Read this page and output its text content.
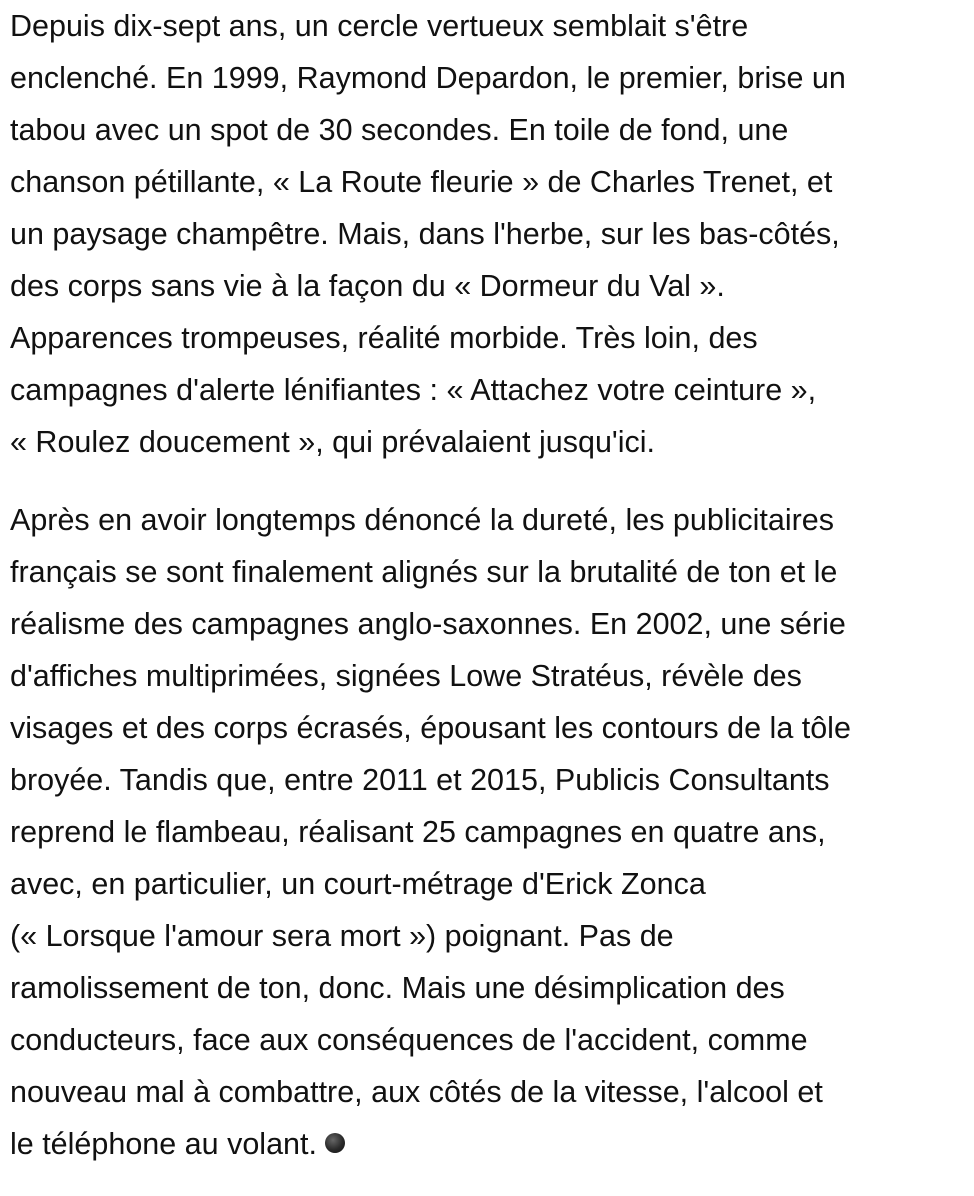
Depuis dix-sept ans, un cercle vertueux semblait s'être
enclenché. En 1999, Raymond Depardon, le premier, brise un
tabou avec un spot de 30 secondes. En toile de fond, une
chanson pétillante, « La Route fleurie » de Charles Trenet, et
un paysage champêtre. Mais, dans l'herbe, sur les bas-côtés,
des corps sans vie à la façon du « Dormeur du Val ».
Apparences trompeuses, réalité morbide. Très loin, des
campagnes d'alerte lénifiantes : « Attachez votre ceinture »,
« Roulez doucement », qui prévalaient jusqu'ici.

Après en avoir longtemps dénoncé la dureté, les publicitaires
français se sont finalement alignés sur la brutalité de ton et le
réalisme des campagnes anglo-saxonnes. En 2002, une série
d'affiches multiprimées, signées Lowe Stratéus, révèle des
visages et des corps écrasés, épousant les contours de la tôle
broyée. Tandis que, entre 2011 et 2015, Publicis Consultants
reprend le flambeau, réalisant 25 campagnes en quatre ans,
avec, en particulier, un court-métrage d'Erick Zonca
(« Lorsque l'amour sera mort ») poignant. Pas de
ramolissement de ton, donc. Mais une désimplication des
conducteurs, face aux conséquences de l'accident, comme
nouveau mal à combattre, aux côtés de la vitesse, l'alcool et
le téléphone au volant.
